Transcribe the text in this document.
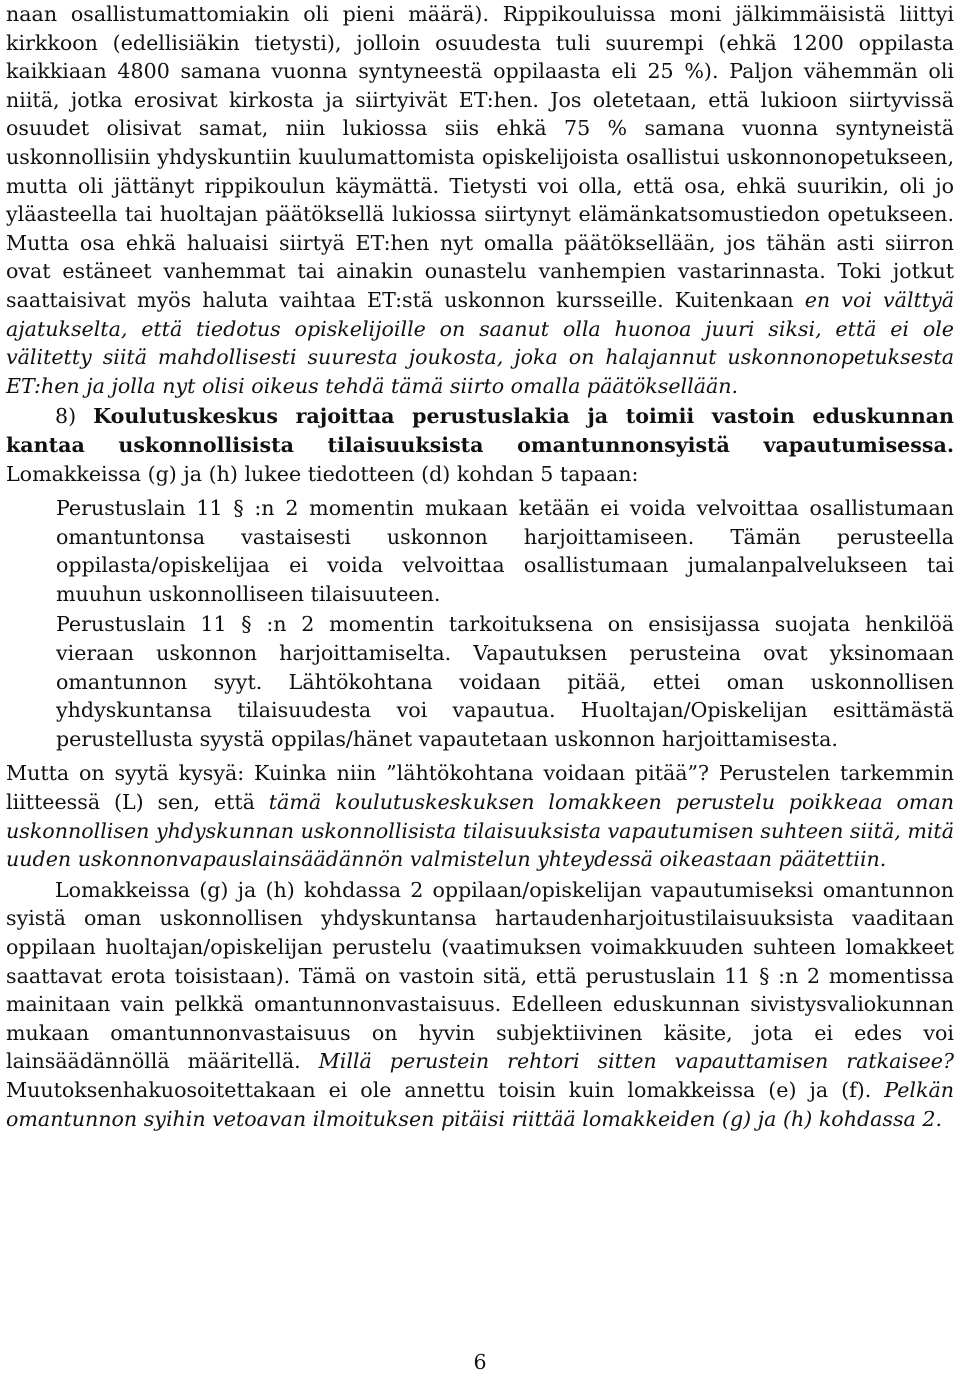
naan osallistumattomiakin oli pieni määrä). Rippikouluissa moni jälkimmäisistä liittyi kirkkoon (edellisiäkin tietysti), jolloin osuudesta tuli suurempi (ehkä 1200 oppilasta kaikkiaan 4800 samana vuonna syntyneestä oppilaasta eli 25 %). Paljon vähemmän oli niitä, jotka erosivat kirkosta ja siirtyivät ET:hen. Jos oletetaan, että lukioon siirtyvissä osuudet olisivat samat, niin lukiossa siis ehkä 75 % samana vuonna syntyneistä uskonnollisiin yhdyskuntiin kuulumattomista opiskelijoista osallistui uskonnonopetukseen, mutta oli jättänyt rippikoulun käymättä. Tietysti voi olla, että osa, ehkä suurikin, oli jo yläasteella tai huoltajan päätöksellä lukiossa siirtynyt elämänkatsomustiedon opetukseen. Mutta osa ehkä haluaisi siirtyä ET:hen nyt omalla päätöksellään, jos tähän asti siirron ovat estäneet vanhemmat tai ainakin ounastelu vanhempien vastarinnasta. Toki jotkut saattaisivat myös haluta vaihtaa ET:stä uskonnon kursseille. Kuitenkaan en voi välttyä ajatukselta, että tiedotus opiskelijoille on saanut olla huonoa juuri siksi, että ei ole välitetty siitä mahdollisesti suuresta joukosta, joka on halajannut uskonnonopetuksesta ET:hen ja jolla nyt olisi oikeus tehdä tämä siirto omalla päätöksellään.

8) Koulutuskeskus rajoittaa perustuslakia ja toimii vastoin eduskunnan kantaa uskonnollisista tilaisuuksista omantunnonsyistä vapautumisessa. Lomakkeissa (g) ja (h) lukee tiedotteen (d) kohdan 5 tapaan:

Perustuslain 11 § :n 2 momentin mukaan ketään ei voida velvoittaa osallistumaan omantuntonsa vastaisesti uskonnon harjoittamiseen. Tämän perusteella oppilasta/opiskelijaa ei voida velvoittaa osallistumaan jumalanpalvelukseen tai muuhun uskonnolliseen tilaisuuteen.

Perustuslain 11 § :n 2 momentin tarkoituksena on ensisijassa suojata henkilöä vieraan uskonnon harjoittamiselta. Vapautuksen perusteina ovat yksinomaan omantunnon syyt. Lähtökohtana voidaan pitää, ettei oman uskonnollisen yhdyskuntansa tilaisuudesta voi vapautua. Huoltajan/Opiskelijan esittämästä perustellusta syystä oppilas/hänet vapautetaan uskonnon harjoittamisesta.

Mutta on syytä kysyä: Kuinka niin ”lähtökohtana voidaan pitää”? Perustelen tarkemmin liitteessä (L) sen, että tämä koulutuskeskuksen lomakkeen perustelu poikkeaa oman uskonnollisen yhdyskunnan uskonnollisista tilaisuuksista vapautumisen suhteen siitä, mitä uuden uskonnonvapauslainsäädännön valmistelun yhteydessä oikeastaan päätettiin.

Lomakkeissa (g) ja (h) kohdassa 2 oppilaan/opiskelijan vapautumiseksi omantunnon syistä oman uskonnollisen yhdyskuntansa hartaudenharjoitustilaisuuksista vaaditaan oppilaan huoltajan/opiskelijan perustelu (vaatimuksen voimakkuuden suhteen lomakkeet saattavat erota toisistaan). Tämä on vastoin sitä, että perustuslain 11 § :n 2 momentissa mainitaan vain pelkkä omantunnonvastaisuus. Edelleen eduskunnan sivistysvaliokunnan mukaan omantunnonvastaisuus on hyvin subjektiivinen käsite, jota ei edes voi lainsäädännöllä määritellä. Millä perustein rehtori sitten vapauttamisen ratkaisee? Muutoksenhakuosoitettakaan ei ole annettu toisin kuin lomakkeissa (e) ja (f). Pelkän omantunnon syihin vetoavan ilmoituksen pitäisi riittää lomakkeiden (g) ja (h) kohdassa 2.

6
